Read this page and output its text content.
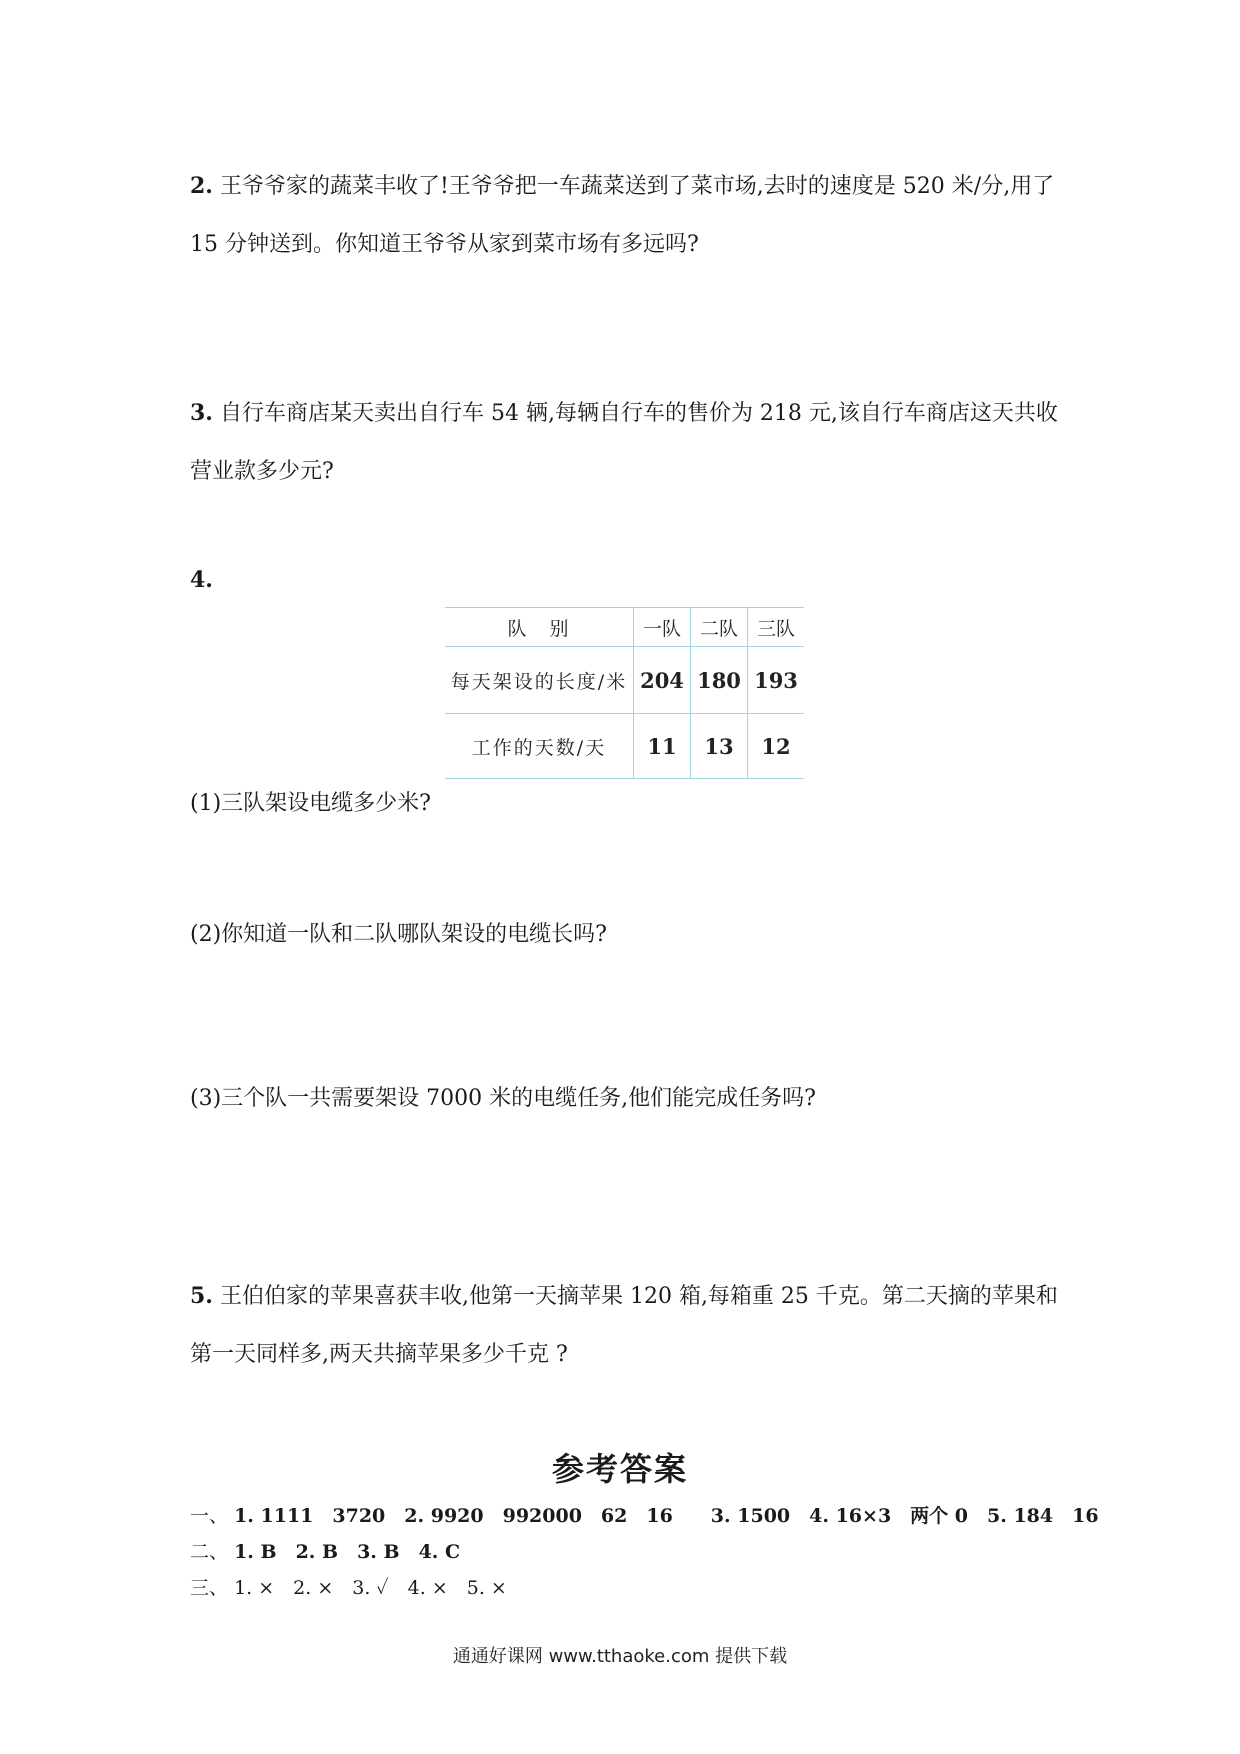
2. 王爷爷家的蔬菜丰收了!王爷爷把一车蔬菜送到了菜市场,去时的速度是 520 米/分,用了
15 分钟送到。你知道王爷爷从家到菜市场有多远吗?
3. 自行车商店某天卖出自行车 54 辆,每辆自行车的售价为 218 元,该自行车商店这天共收
营业款多少元?
4.
队　别	一队	二队	三队
每天架设的长度/米	204	180	193
工作的天数/天	11	13	12
(1)三队架设电缆多少米?
(2)你知道一队和二队哪队架设的电缆长吗?
(3)三个队一共需要架设 7000 米的电缆任务,他们能完成任务吗?
5. 王伯伯家的苹果喜获丰收,他第一天摘苹果 120 箱,每箱重 25 千克。第二天摘的苹果和
第一天同样多,两天共摘苹果多少千克 ?
参考答案
一、 1. 1111　3720　2. 9920　992000　62　16　　3. 1500　4. 16×3　两个 0　5. 184　16
二、 1. B　2. B　3. B　4. C
三、 1. ×　2. ×　3. ✓　4. ×　5. ×
通通好课网 www.tthaoke.com 提供下载
